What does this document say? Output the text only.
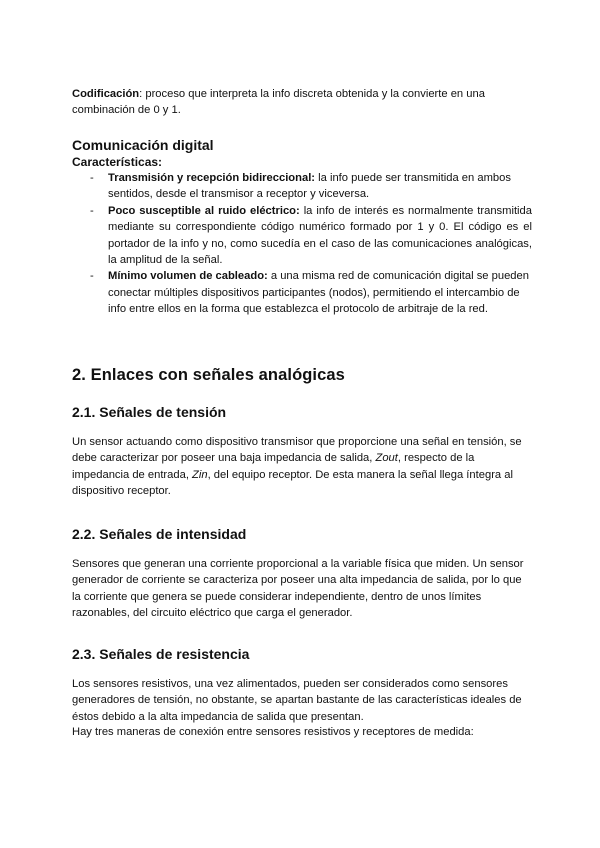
Codificación: proceso que interpreta la info discreta obtenida y la convierte en una combinación de 0 y 1.

Comunicación digital

Características:

- Transmisión y recepción bidireccional: la info puede ser transmitida en ambos sentidos, desde el transmisor a receptor y viceversa.
- Poco susceptible al ruido eléctrico: la info de interés es normalmente transmitida mediante su correspondiente código numérico formado por 1 y 0. El código es el portador de la info y no, como sucedía en el caso de las comunicaciones analógicas, la amplitud de la señal.
- Mínimo volumen de cableado: a una misma red de comunicación digital se pueden conectar múltiples dispositivos participantes (nodos), permitiendo el intercambio de info entre ellos en la forma que establezca el protocolo de arbitraje de la red.
2. Enlaces con señales analógicas
2.1. Señales de tensión

Un sensor actuando como dispositivo transmisor que proporcione una señal en tensión, se debe caracterizar por poseer una baja impedancia de salida, Zout, respecto de la impedancia de entrada, Zin, del equipo receptor. De esta manera la señal llega íntegra al dispositivo receptor.

2.2. Señales de intensidad

Sensores que generan una corriente proporcional a la variable física que miden. Un sensor generador de corriente se caracteriza por poseer una alta impedancia de salida, por lo que la corriente que genera se puede considerar independiente, dentro de unos límites razonables, del circuito eléctrico que carga el generador.

2.3. Señales de resistencia

Los sensores resistivos, una vez alimentados, pueden ser considerados como sensores generadores de tensión, no obstante, se apartan bastante de las características ideales de éstos debido a la alta impedancia de salida que presentan.

Hay tres maneras de conexión entre sensores resistivos y receptores de medida:
